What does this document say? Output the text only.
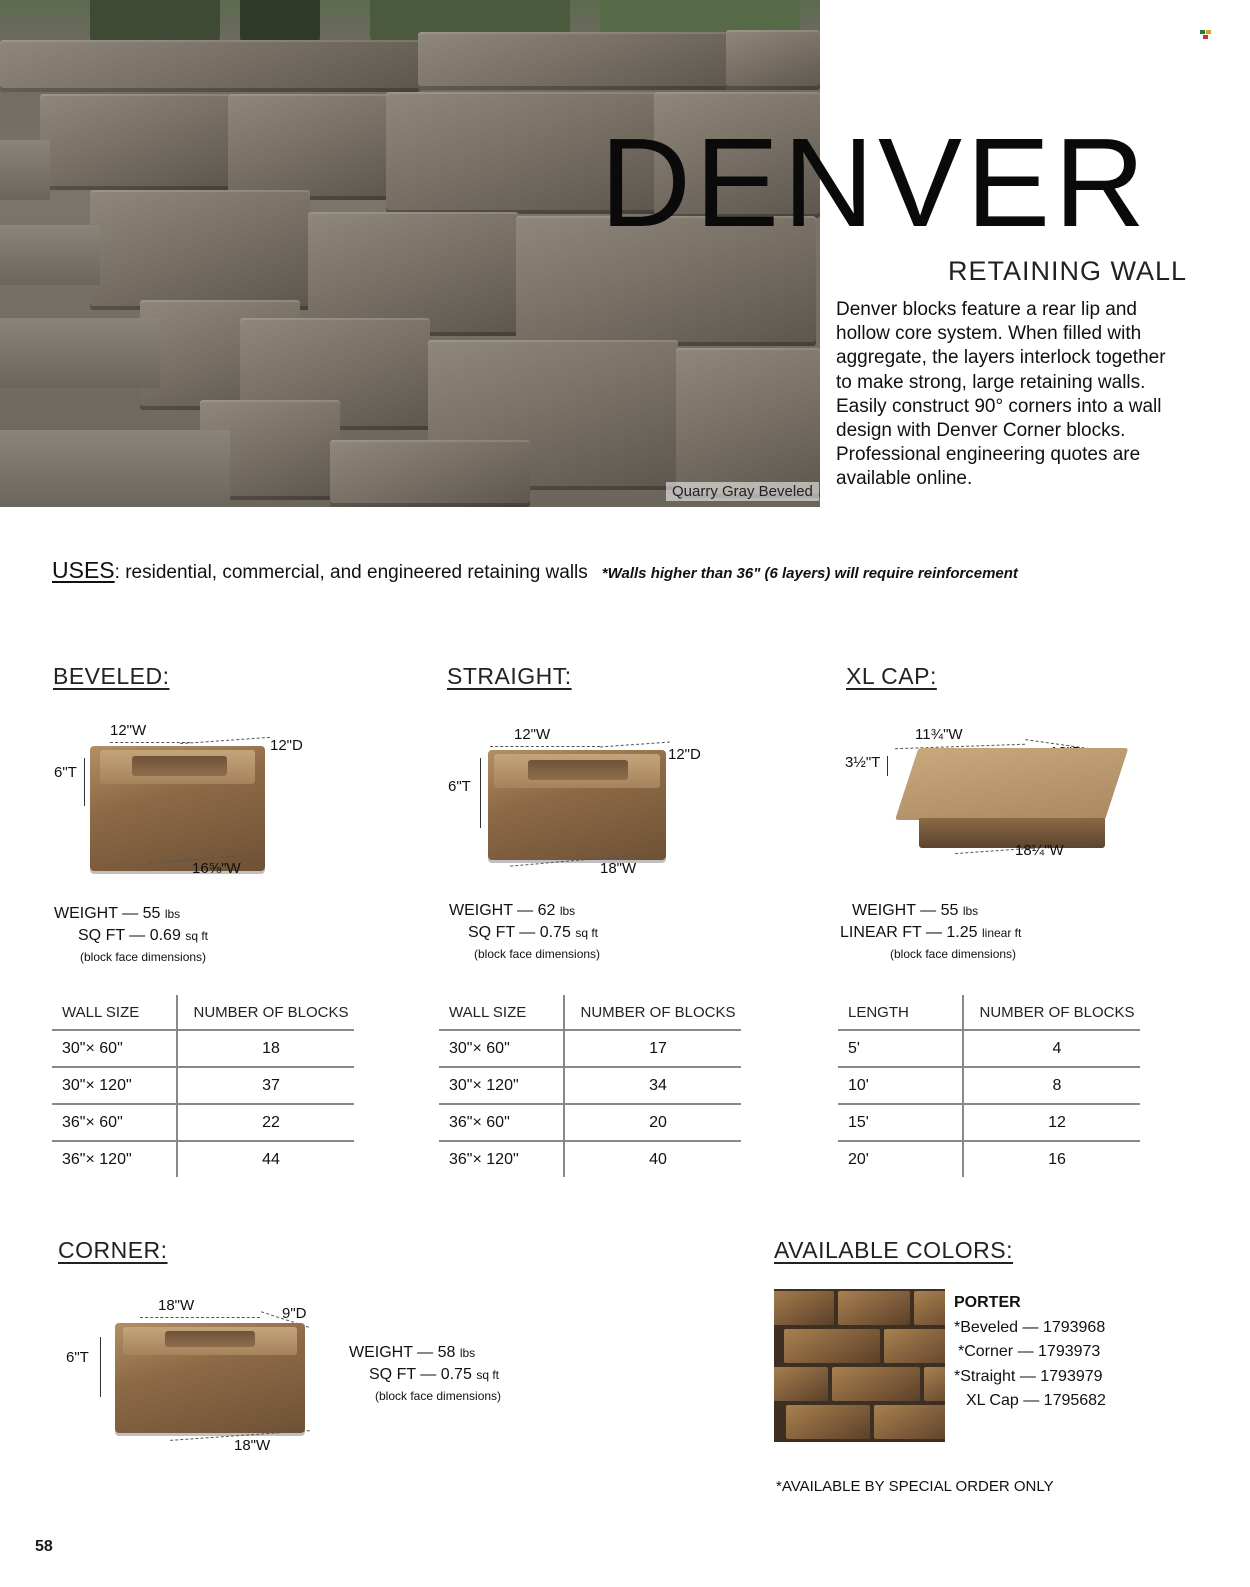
Quarry Gray Beveled
DENVER
RETAINING WALL
Denver blocks feature a rear lip and hollow core system. When filled with aggregate, the layers interlock together to make strong, large retaining walls. Easily construct 90° corners into a wall design with Denver Corner blocks. Professional engineering quotes are available online.
USES: residential, commercial, and engineered retaining walls *Walls higher than 36" (6 layers) will require reinforcement
BEVELED:
12"W
12"D
6"T
16⅝"W
WEIGHT — 55 lbs
SQ FT — 0.69 sq ft
(block face dimensions)
WALL SIZE	NUMBER OF BLOCKS
30"× 60"	18
30"× 120"	37
36"× 60"	22
36"× 120"	44
STRAIGHT:
12"W
12"D
6"T
18"W
WEIGHT — 62 lbs
SQ FT — 0.75 sq ft
(block face dimensions)
WALL SIZE	NUMBER OF BLOCKS
30"× 60"	17
30"× 120"	34
36"× 60"	20
36"× 120"	40
XL CAP:
11¾"W
3½"T
18¼"W
WEIGHT — 55 lbs
LINEAR FT — 1.25 linear ft
(block face dimensions)
LENGTH	NUMBER OF BLOCKS
5'	4
10'	8
15'	12
20'	16
CORNER:
18"W	9"D
6"T
18"W
WEIGHT — 58 lbs
SQ FT — 0.75 sq ft
(block face dimensions)
AVAILABLE COLORS:
PORTER
*Beveled — 1793968
*Corner — 1793973
*Straight — 1793979
XL Cap — 1795682
*AVAILABLE BY SPECIAL ORDER ONLY
58
